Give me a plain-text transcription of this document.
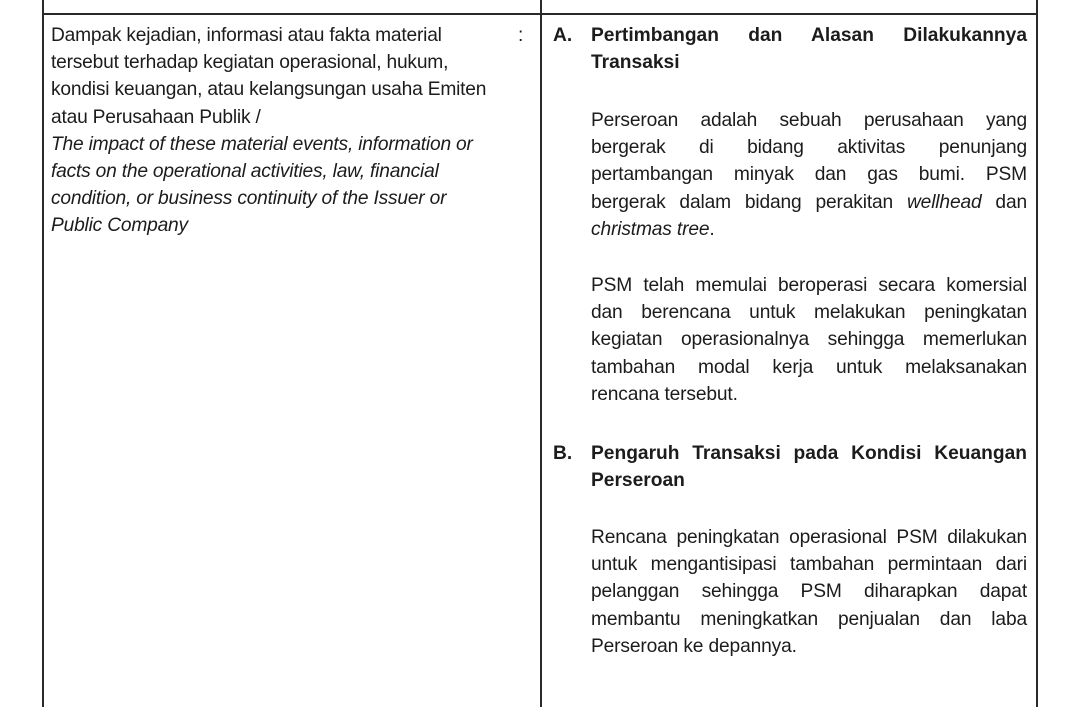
Dampak kejadian, informasi atau fakta material
tersebut terhadap kegiatan operasional, hukum,
kondisi keuangan, atau kelangsungan usaha Emiten
atau Perusahaan Publik /
The impact of these material events, information or
facts on the operational activities, law, financial
condition, or business continuity of the Issuer or
Public Company
: A. Pertimbangan dan Alasan Dilakukannya
Transaksi
Perseroan adalah sebuah perusahaan yang
bergerak di bidang aktivitas penunjang
pertambangan minyak dan gas bumi. PSM
bergerak dalam bidang perakitan wellhead dan
christmas tree.
PSM telah memulai beroperasi secara komersial
dan berencana untuk melakukan peningkatan
kegiatan operasionalnya sehingga memerlukan
tambahan modal kerja untuk melaksanakan
rencana tersebut.
B. Pengaruh Transaksi pada Kondisi Keuangan
Perseroan
Rencana peningkatan operasional PSM dilakukan
untuk mengantisipasi tambahan permintaan dari
pelanggan sehingga PSM diharapkan dapat
membantu meningkatkan penjualan dan laba
Perseroan ke depannya.
